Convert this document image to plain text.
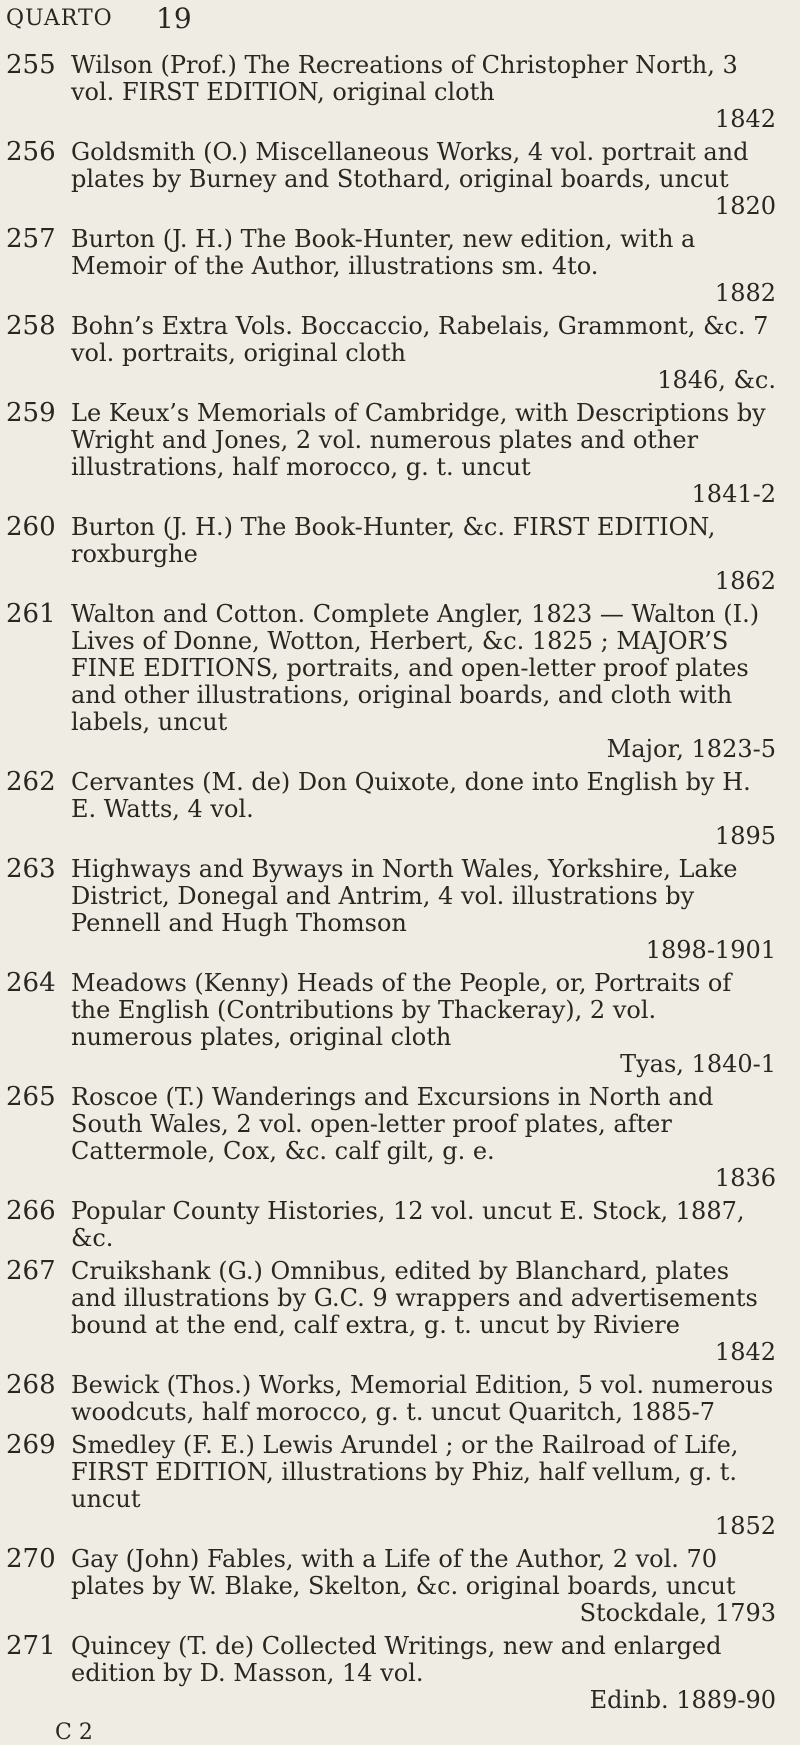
QUARTO 19
255 Wilson (Prof.) The Recreations of Christopher North, 3 vol. FIRST EDITION, original cloth
1842
256 Goldsmith (O.) Miscellaneous Works, 4 vol. portrait and plates by Burney and Stothard, original boards, uncut
1820
257 Burton (J. H.) The Book-Hunter, new edition, with a Memoir of the Author, illustrations sm. 4to.
1882
258 Bohn’s Extra Vols. Boccaccio, Rabelais, Grammont, &c. 7 vol. portraits, original cloth
1846, &c.
259 Le Keux’s Memorials of Cambridge, with Descriptions by Wright and Jones, 2 vol. numerous plates and other illustrations, half morocco, g. t. uncut
1841-2
260 Burton (J. H.) The Book-Hunter, &c. FIRST EDITION, roxburghe
1862
261 Walton and Cotton. Complete Angler, 1823 — Walton (I.) Lives of Donne, Wotton, Herbert, &c. 1825 ; MAJOR’S FINE EDITIONS, portraits, and open-letter proof plates and other illustrations, original boards, and cloth with labels, uncut
Major, 1823-5
262 Cervantes (M. de) Don Quixote, done into English by H. E. Watts, 4 vol.
1895
263 Highways and Byways in North Wales, Yorkshire, Lake District, Donegal and Antrim, 4 vol. illustrations by Pennell and Hugh Thomson
1898-1901
264 Meadows (Kenny) Heads of the People, or, Portraits of the English (Contributions by Thackeray), 2 vol. numerous plates, original cloth
Tyas, 1840-1
265 Roscoe (T.) Wanderings and Excursions in North and South Wales, 2 vol. open-letter proof plates, after Cattermole, Cox, &c. calf gilt, g. e.
1836
266 Popular County Histories, 12 vol. uncut E. Stock, 1887, &c.
267 Cruikshank (G.) Omnibus, edited by Blanchard, plates and illustrations by G.C. 9 wrappers and advertisements bound at the end, calf extra, g. t. uncut by Riviere
1842
268 Bewick (Thos.) Works, Memorial Edition, 5 vol. numerous woodcuts, half morocco, g. t. uncut Quaritch, 1885-7
269 Smedley (F. E.) Lewis Arundel ; or the Railroad of Life, FIRST EDITION, illustrations by Phiz, half vellum, g. t. uncut
1852
270 Gay (John) Fables, with a Life of the Author, 2 vol. 70 plates by W. Blake, Skelton, &c. original boards, uncut
Stockdale, 1793
271 Quincey (T. de) Collected Writings, new and enlarged edition by D. Masson, 14 vol.
Edinb. 1889-90
C 2
